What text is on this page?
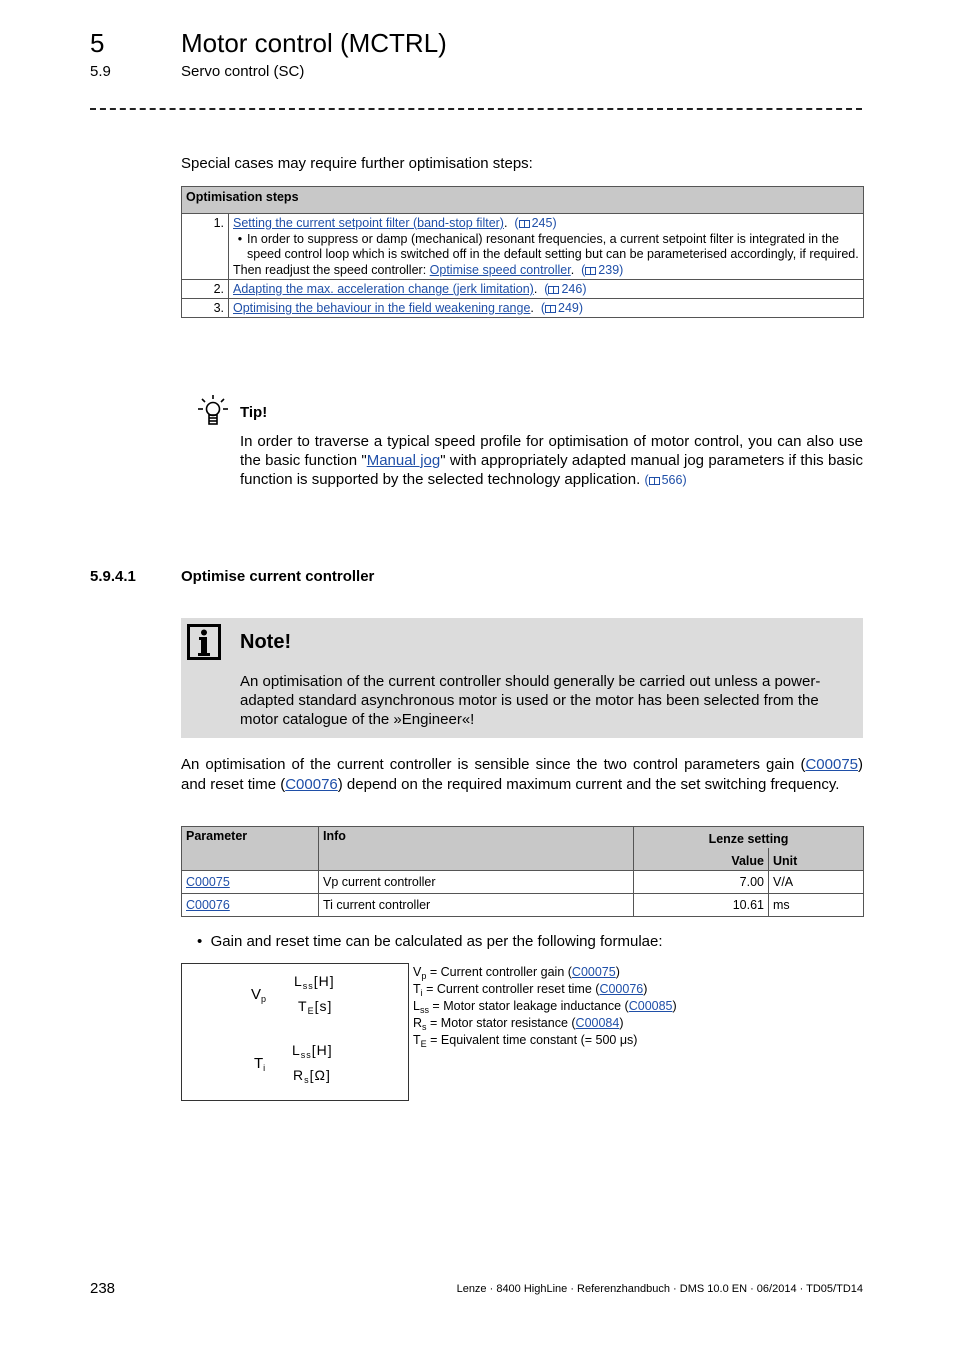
5	Motor control (MCTRL)
5.9	Servo control (SC)
Special cases may require further optimisation steps:
Optimisation steps	
1.	Setting the current setpoint filter (band-stop filter). ( 245)
• In order to suppress or damp (mechanical) resonant frequencies, a current setpoint filter is integrated in the speed control loop which is switched off in the default setting but can be parameterised accordingly, if required.
Then readjust the speed controller: Optimise speed controller.  ( 239)

2.	Adapting the max. acceleration change (jerk limitation). ( 246)
3.	Optimising the behaviour in the field weakening range. ( 249)
Tip!
In order to traverse a typical speed profile for optimisation of motor control, you can also use the basic function "Manual jog" with appropriately adapted manual jog parameters if this basic function is supported by the selected technology application. ( 566)
5.9.4.1	Optimise current controller
Note!
An optimisation of the current controller should generally be carried out unless a power-adapted standard asynchronous motor is used or the motor has been selected from the motor catalogue of the »Engineer«!
An optimisation of the current controller is sensible since the two control parameters gain (C00075) and reset time (C00076) depend on the required maximum current and the set switching frequency.
Parameter	Info	Lenze setting	
		Value	Unit
C00075	Vp current controller	7.00	V/A
C00076	Ti current controller	10.61	ms
• Gain and reset time can be calculated as per the following formulae:
$V_p$
$L_{ss}[H]$
$T_E[s]$
$T_i$
$L_{ss}[H]$
$R_s[\Omega]$
$V_p$ = Current controller gain (C00075)
$T_i$ = Current controller reset time (C00076)
$L_{ss}$ = Motor stator leakage inductance (C00085)
$R_s$ = Motor stator resistance (C00084)
$T_E$ = Equivalent time constant (= 500 μs)
238	Lenze · 8400 HighLine · Referenzhandbuch · DMS 10.0 EN · 06/2014 · TD05/TD14
